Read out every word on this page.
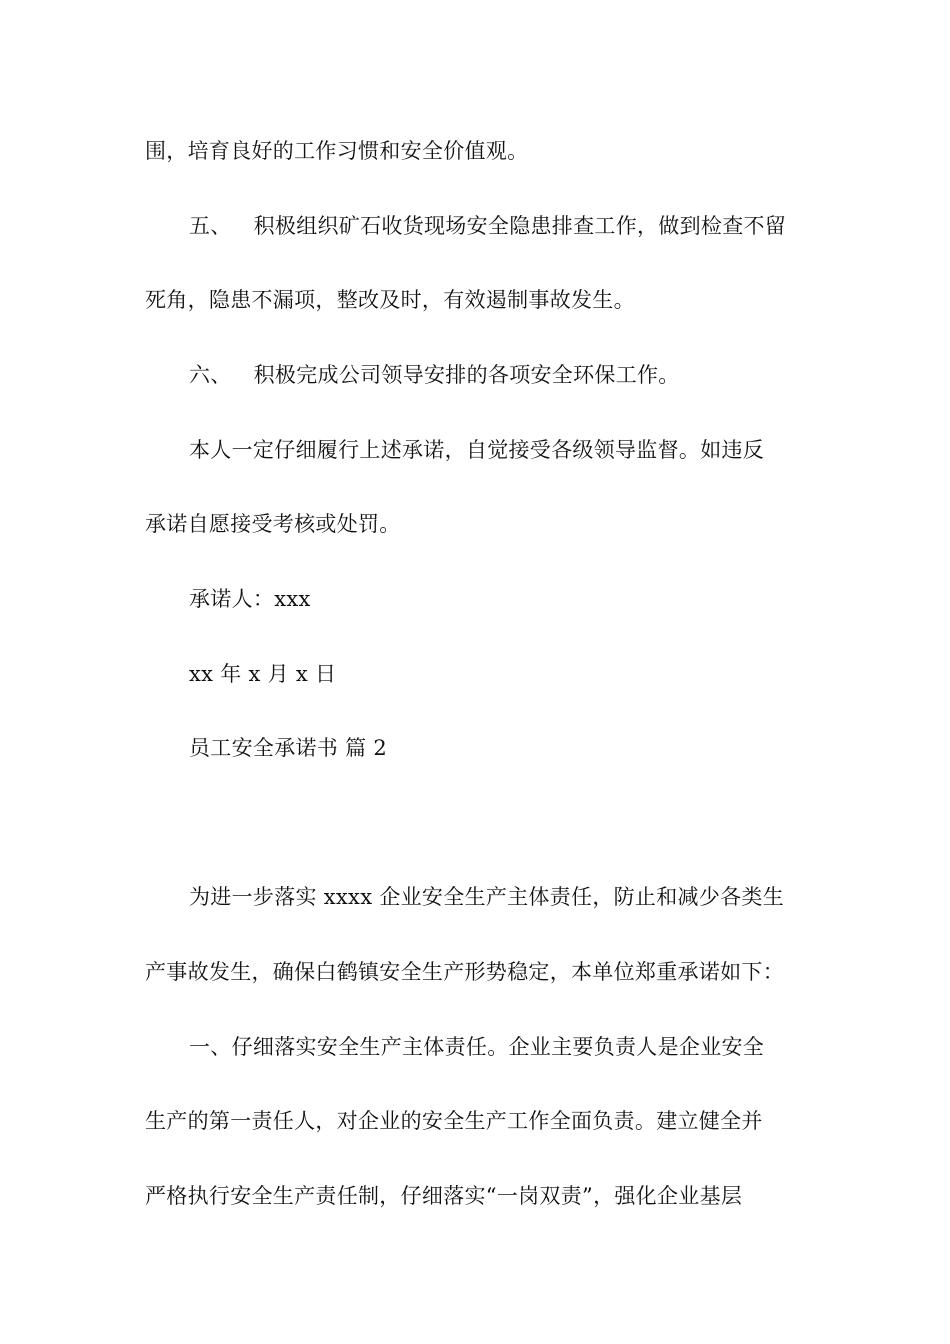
围，培育良好的工作习惯和安全价值观。
五、 积极组织矿石收货现场安全隐患排查工作，做到检查不留
死角，隐患不漏项，整改及时，有效遏制事故发生。
六、 积极完成公司领导安排的各项安全环保工作。
本人一定仔细履行上述承诺，自觉接受各级领导监督。如违反
承诺自愿接受考核或处罚。
承诺人：xxx
xx 年 x 月 x 日
员工安全承诺书 篇 2
为进一步落实 xxxx 企业安全生产主体责任，防止和减少各类生
产事故发生，确保白鹤镇安全生产形势稳定，本单位郑重承诺如下：
一、仔细落实安全生产主体责任。企业主要负责人是企业安全
生产的第一责任人，对企业的安全生产工作全面负责。建立健全并
严格执行安全生产责任制，仔细落实“一岗双责”，强化企业基层
